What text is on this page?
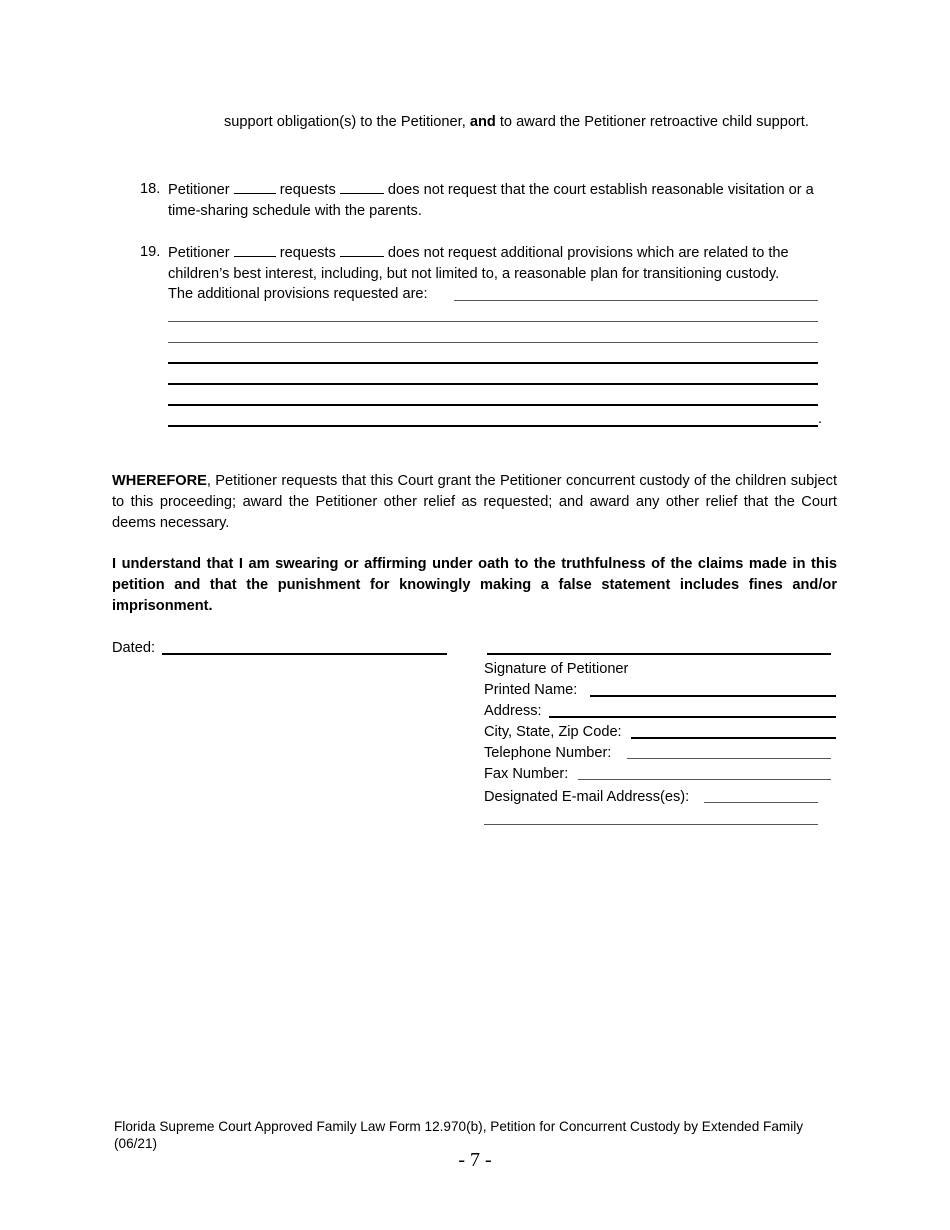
support obligation(s) to the Petitioner, and to award the Petitioner retroactive child support.
18. Petitioner	requests	does not request that the court establish reasonable visitation or a time-sharing schedule with the parents.
19. Petitioner	requests	does not request additional provisions which are related to the children’s best interest, including, but not limited to, a reasonable plan for transitioning custody.
The additional provisions requested are:
.

WHEREFORE, Petitioner requests that this Court grant the Petitioner concurrent custody of the children subject to this proceeding; award the Petitioner other relief as requested; and award any other relief that the Court deems necessary.

I understand that I am swearing or affirming under oath to the truthfulness of the claims made in this petition and that the punishment for knowingly making a false statement includes fines and/or imprisonment.

Dated:
Signature of Petitioner
Printed Name:
Address:
City, State, Zip Code:
Telephone Number:
Fax Number:
Designated E-mail Address(es):
Florida Supreme Court Approved Family Law Form 12.970(b), Petition for Concurrent Custody by Extended Family (06/21)
- 7 -
